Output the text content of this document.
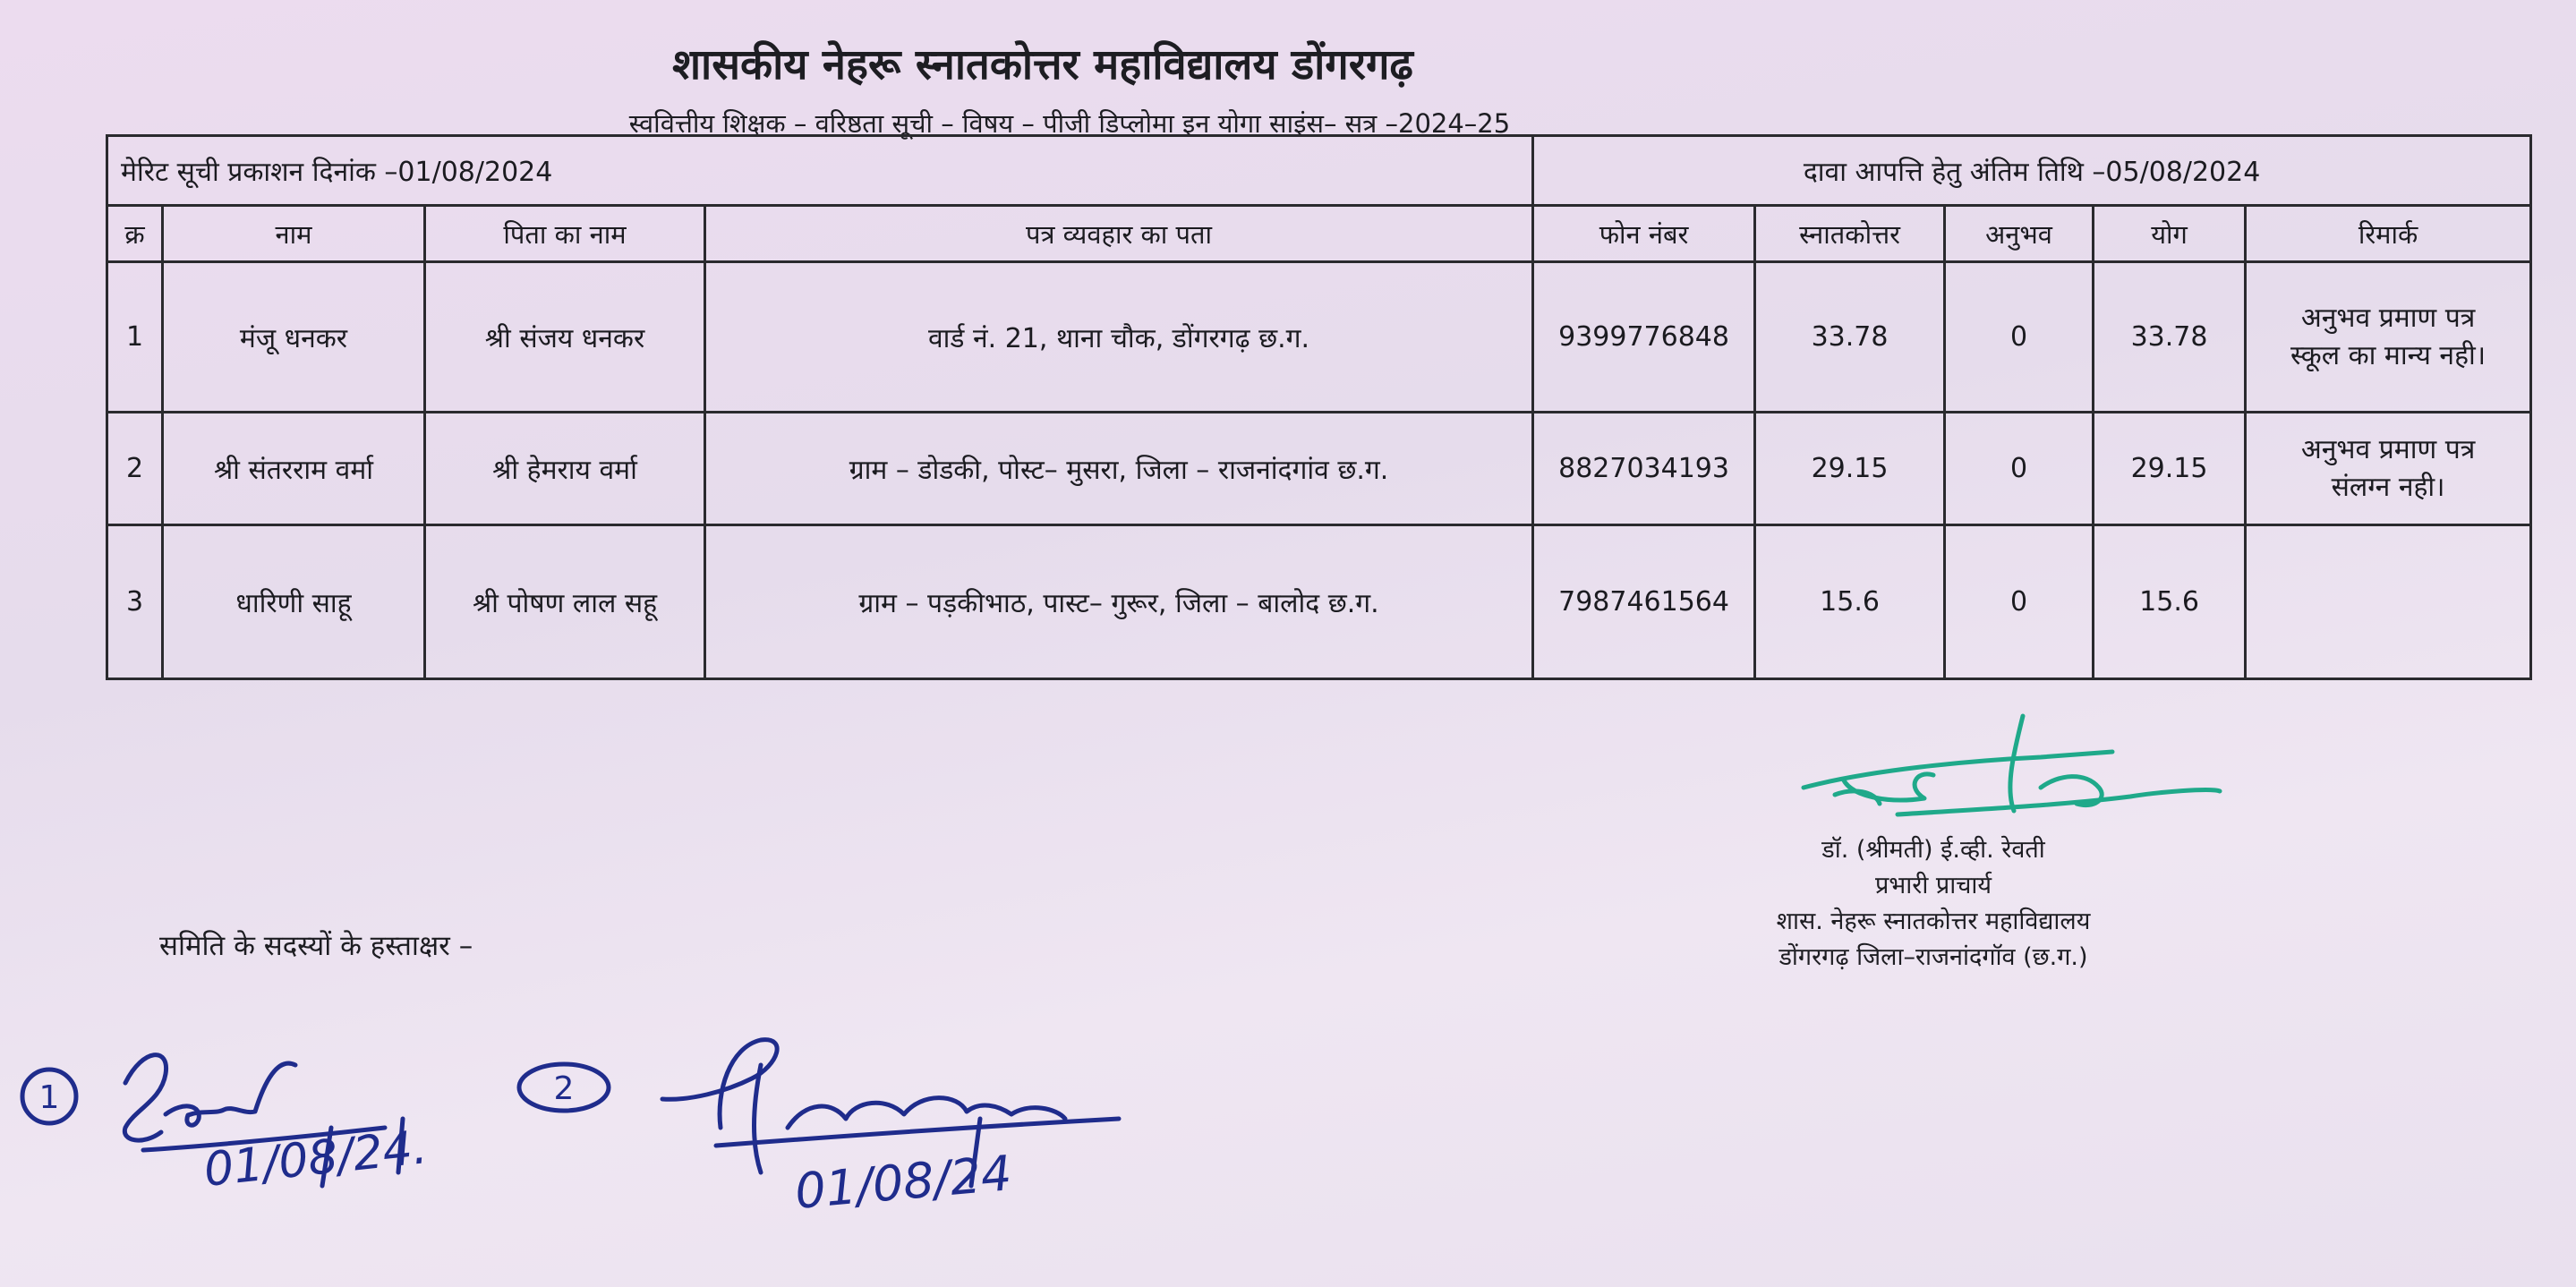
शासकीय नेहरू स्नातकोत्तर महाविद्यालय डोंगरगढ़
स्ववित्तीय शिक्षक – वरिष्ठता सूची – विषय – पीजी डिप्लोमा इन योगा साइंस– सत्र –2024–25
मेरिट सूची प्रकाशन दिनांक –01/08/2024				दावा आपत्ति हेतु अंतिम तिथि –05/08/2024				
क्र	नाम	पिता का नाम	पत्र व्यवहार का पता	फोन नंबर	स्नातकोत्तर	अनुभव	योग	रिमार्क
1	मंजू धनकर	श्री संजय धनकर	वार्ड नं. 21, थाना चौक, डोंगरगढ़ छ.ग.	9399776848	33.78	0	33.78	अनुभव प्रमाण पत्र
स्कूल का मान्य नही।

2	श्री संतरराम वर्मा	श्री हेमराय वर्मा	ग्राम – डोडकी, पोस्ट– मुसरा, जिला – राजनांदगांव छ.ग.	8827034193	29.15	0	29.15	अनुभव प्रमाण पत्र
संलग्न नही।

3	धारिणी साहू	श्री पोषण लाल सहू	ग्राम – पड़कीभाठ, पास्ट– गुरूर, जिला – बालोद छ.ग.	7987461564	15.6	0	15.6	
डॉ. (श्रीमती) ई.व्ही. रेवती
प्रभारी प्राचार्य
शास. नेहरू स्नातकोत्तर महाविद्यालय
डोंगरगढ़ जिला–राजनांदगॉव (छ.ग.)
समिति के सदस्यों के हस्ताक्षर –
1
01/08/24.
2
01/08/24
